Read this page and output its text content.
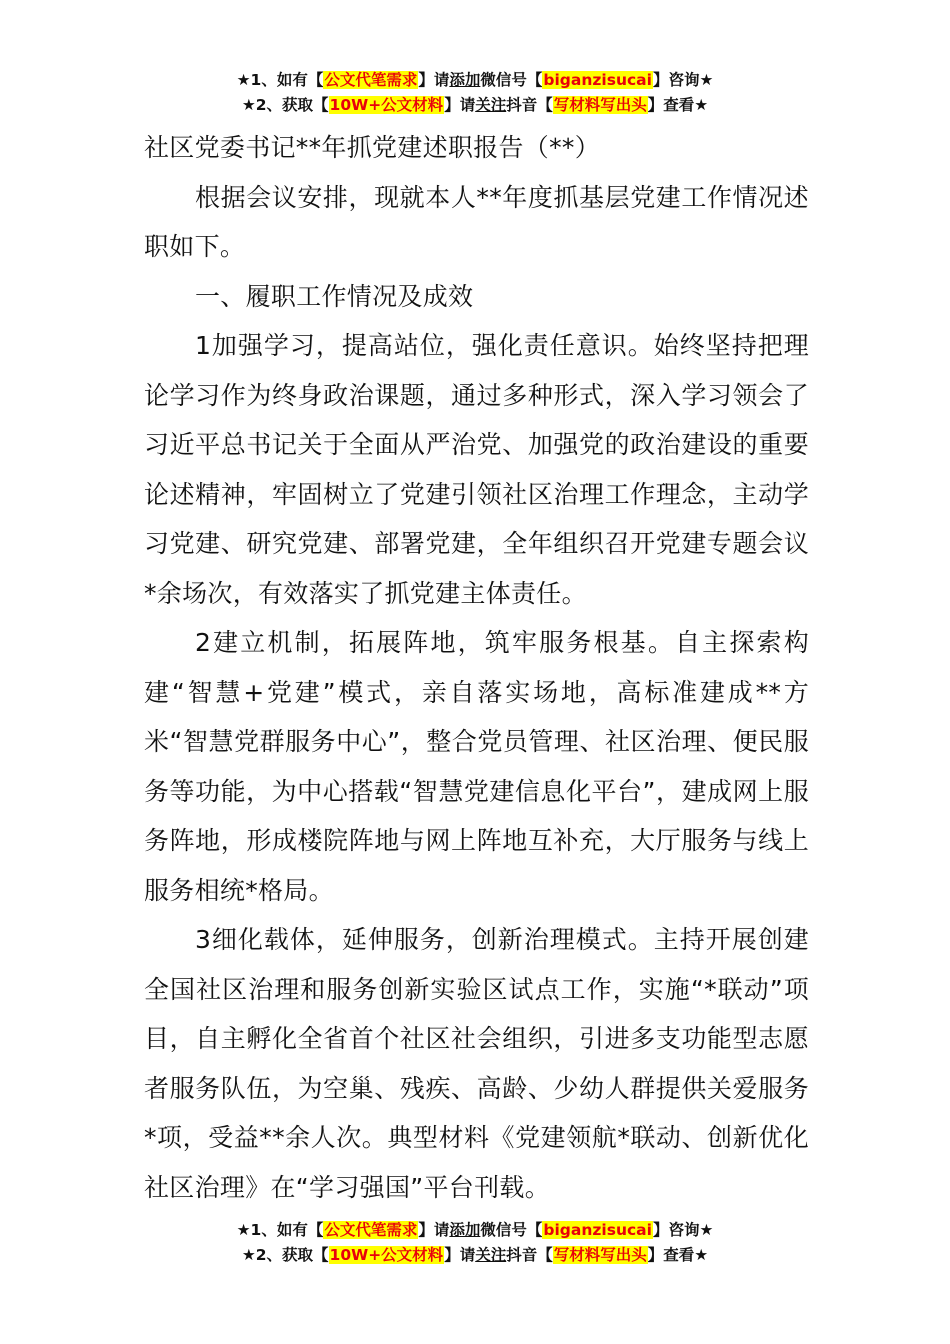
★1、如有【公文代笔需求】请添加微信号【biganzisucai】咨询★
★2、获取【10W+公文材料】请关注抖音【写材料写出头】查看★

社区党委书记**年抓党建述职报告（**）

根据会议安排，现就本人**年度抓基层党建工作情况述职如下。

一、履职工作情况及成效

1加强学习，提高站位，强化责任意识。始终坚持把理论学习作为终身政治课题，通过多种形式，深入学习领会了习近平总书记关于全面从严治党、加强党的政治建设的重要论述精神，牢固树立了党建引领社区治理工作理念，主动学习党建、研究党建、部署党建，全年组织召开党建专题会议*余场次，有效落实了抓党建主体责任。

2建立机制，拓展阵地，筑牢服务根基。自主探索构建“智慧+党建”模式，亲自落实场地，高标准建成**方米“智慧党群服务中心”，整合党员管理、社区治理、便民服务等功能，为中心搭载“智慧党建信息化平台”，建成网上服务阵地，形成楼院阵地与网上阵地互补充，大厅服务与线上服务相统*格局。

3细化载体，延伸服务，创新治理模式。主持开展创建全国社区治理和服务创新实验区试点工作，实施“*联动”项目，自主孵化全省首个社区社会组织，引进多支功能型志愿者服务队伍，为空巢、残疾、高龄、少幼人群提供关爱服务*项，受益**余人次。典型材料《党建领航*联动、创新优化社区治理》在“学习强国”平台刊载。

★1、如有【公文代笔需求】请添加微信号【biganzisucai】咨询★
★2、获取【10W+公文材料】请关注抖音【写材料写出头】查看★
